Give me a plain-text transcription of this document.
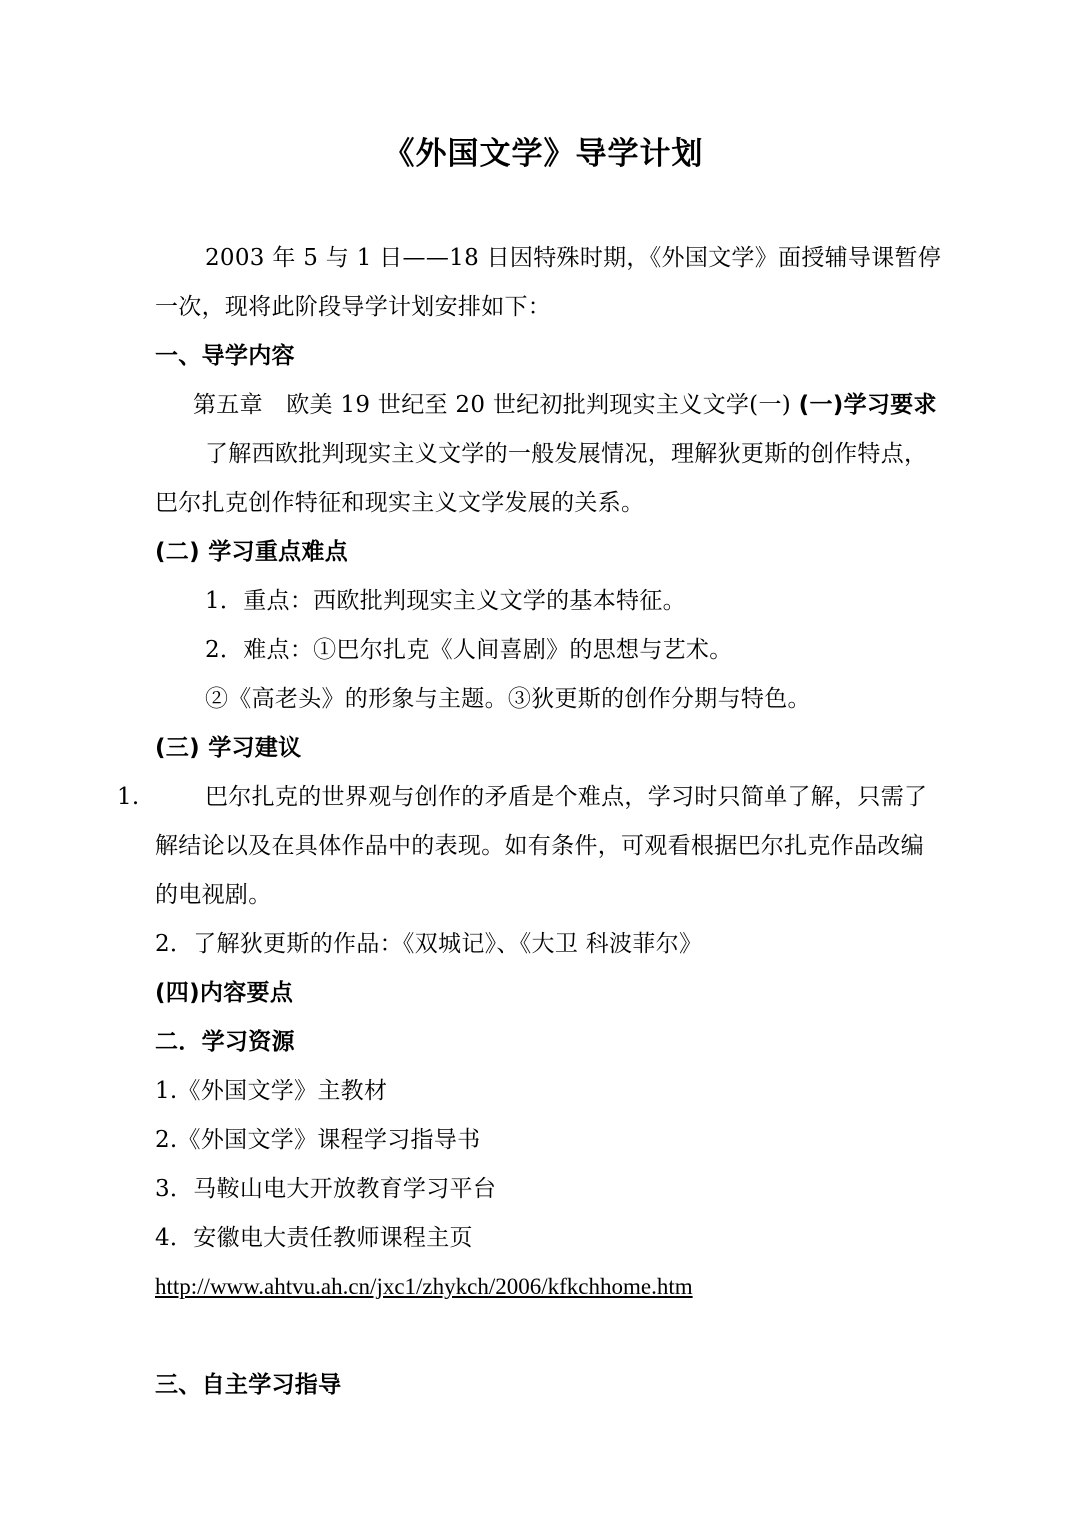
《外国文学》导学计划
2003 年 5 与 1 日——18 日因特殊时期，《外国文学》面授辅导课暂停
一次，现将此阶段导学计划安排如下：
一、导学内容
第五章　欧美 19 世纪至 20 世纪初批判现实主义文学(一) (一)学习要求
了解西欧批判现实主义文学的一般发展情况，理解狄更斯的创作特点，
巴尔扎克创作特征和现实主义文学发展的关系。
(二) 学习重点难点
1．重点：西欧批判现实主义文学的基本特征。
2．难点：①巴尔扎克《人间喜剧》的思想与艺术。
②《高老头》的形象与主题。③狄更斯的创作分期与特色。
(三) 学习建议
1.	巴尔扎克的世界观与创作的矛盾是个难点，学习时只简单了解，只需了
解结论以及在具体作品中的表现。如有条件，可观看根据巴尔扎克作品改编
的电视剧。
2．了解狄更斯的作品：《双城记》、《大卫 科波菲尔》
(四)内容要点
二．学习资源
1.《外国文学》主教材
2.《外国文学》课程学习指导书
3．马鞍山电大开放教育学习平台
4．安徽电大责任教师课程主页
http://www.ahtvu.ah.cn/jxc1/zhykch/2006/kfkchhome.htm
三、自主学习指导
